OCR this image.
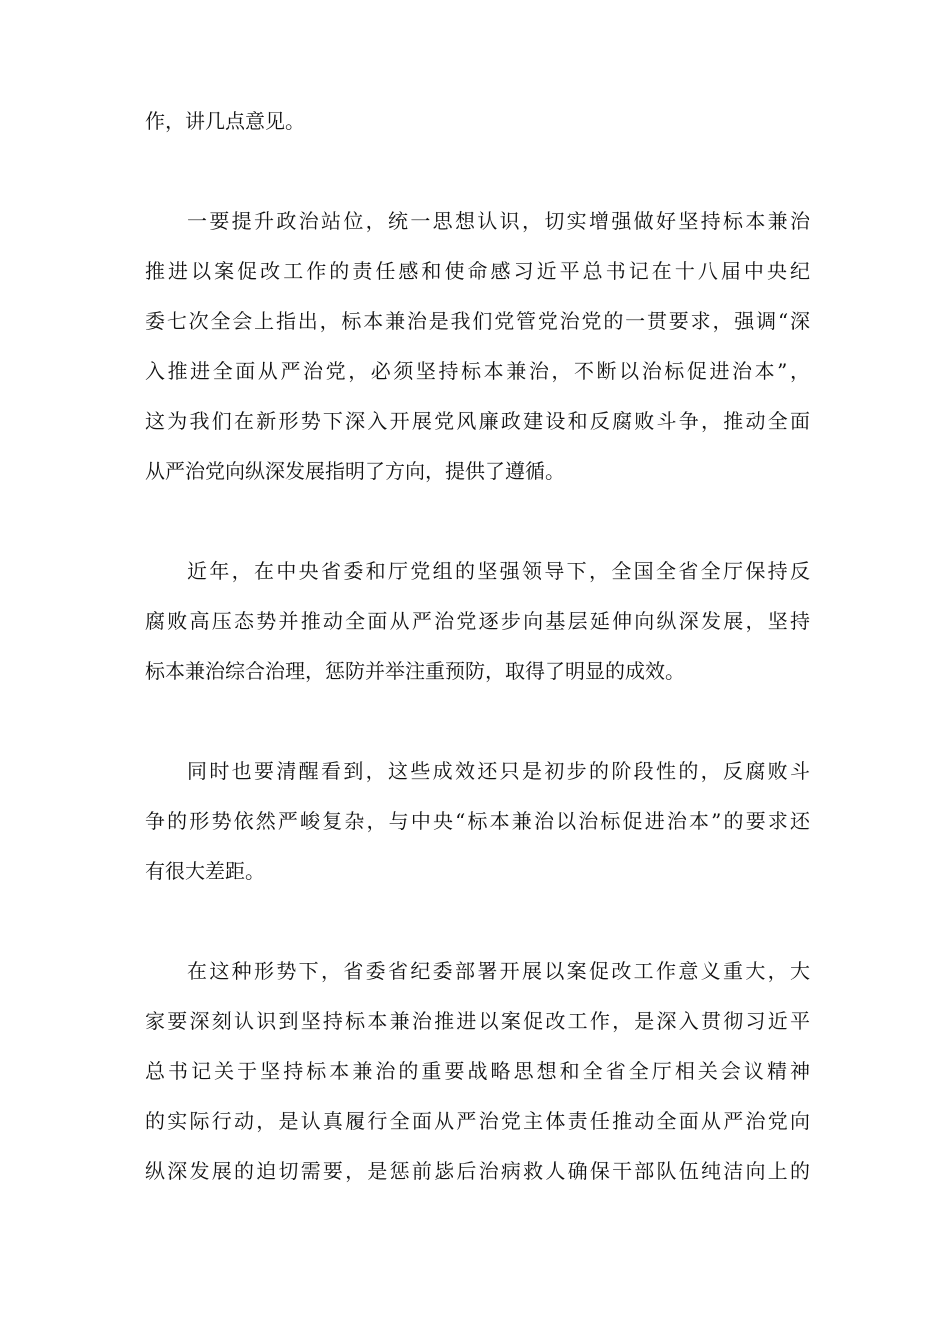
作，讲几点意见。
一要提升政治站位，统一思想认识，切实增强做好坚持标本兼治
推进以案促改工作的责任感和使命感习近平总书记在十八届中央纪
委七次全会上指出，标本兼治是我们党管党治党的一贯要求，强调“深
入推进全面从严治党，必须坚持标本兼治，不断以治标促进治本”，
这为我们在新形势下深入开展党风廉政建设和反腐败斗争，推动全面
从严治党向纵深发展指明了方向，提供了遵循。
近年，在中央省委和厅党组的坚强领导下，全国全省全厅保持反
腐败高压态势并推动全面从严治党逐步向基层延伸向纵深发展，坚持
标本兼治综合治理，惩防并举注重预防，取得了明显的成效。
同时也要清醒看到，这些成效还只是初步的阶段性的，反腐败斗
争的形势依然严峻复杂，与中央“标本兼治以治标促进治本”的要求还
有很大差距。
在这种形势下，省委省纪委部署开展以案促改工作意义重大，大
家要深刻认识到坚持标本兼治推进以案促改工作，是深入贯彻习近平
总书记关于坚持标本兼治的重要战略思想和全省全厅相关会议精神
的实际行动，是认真履行全面从严治党主体责任推动全面从严治党向
纵深发展的迫切需要，是惩前毖后治病救人确保干部队伍纯洁向上的
